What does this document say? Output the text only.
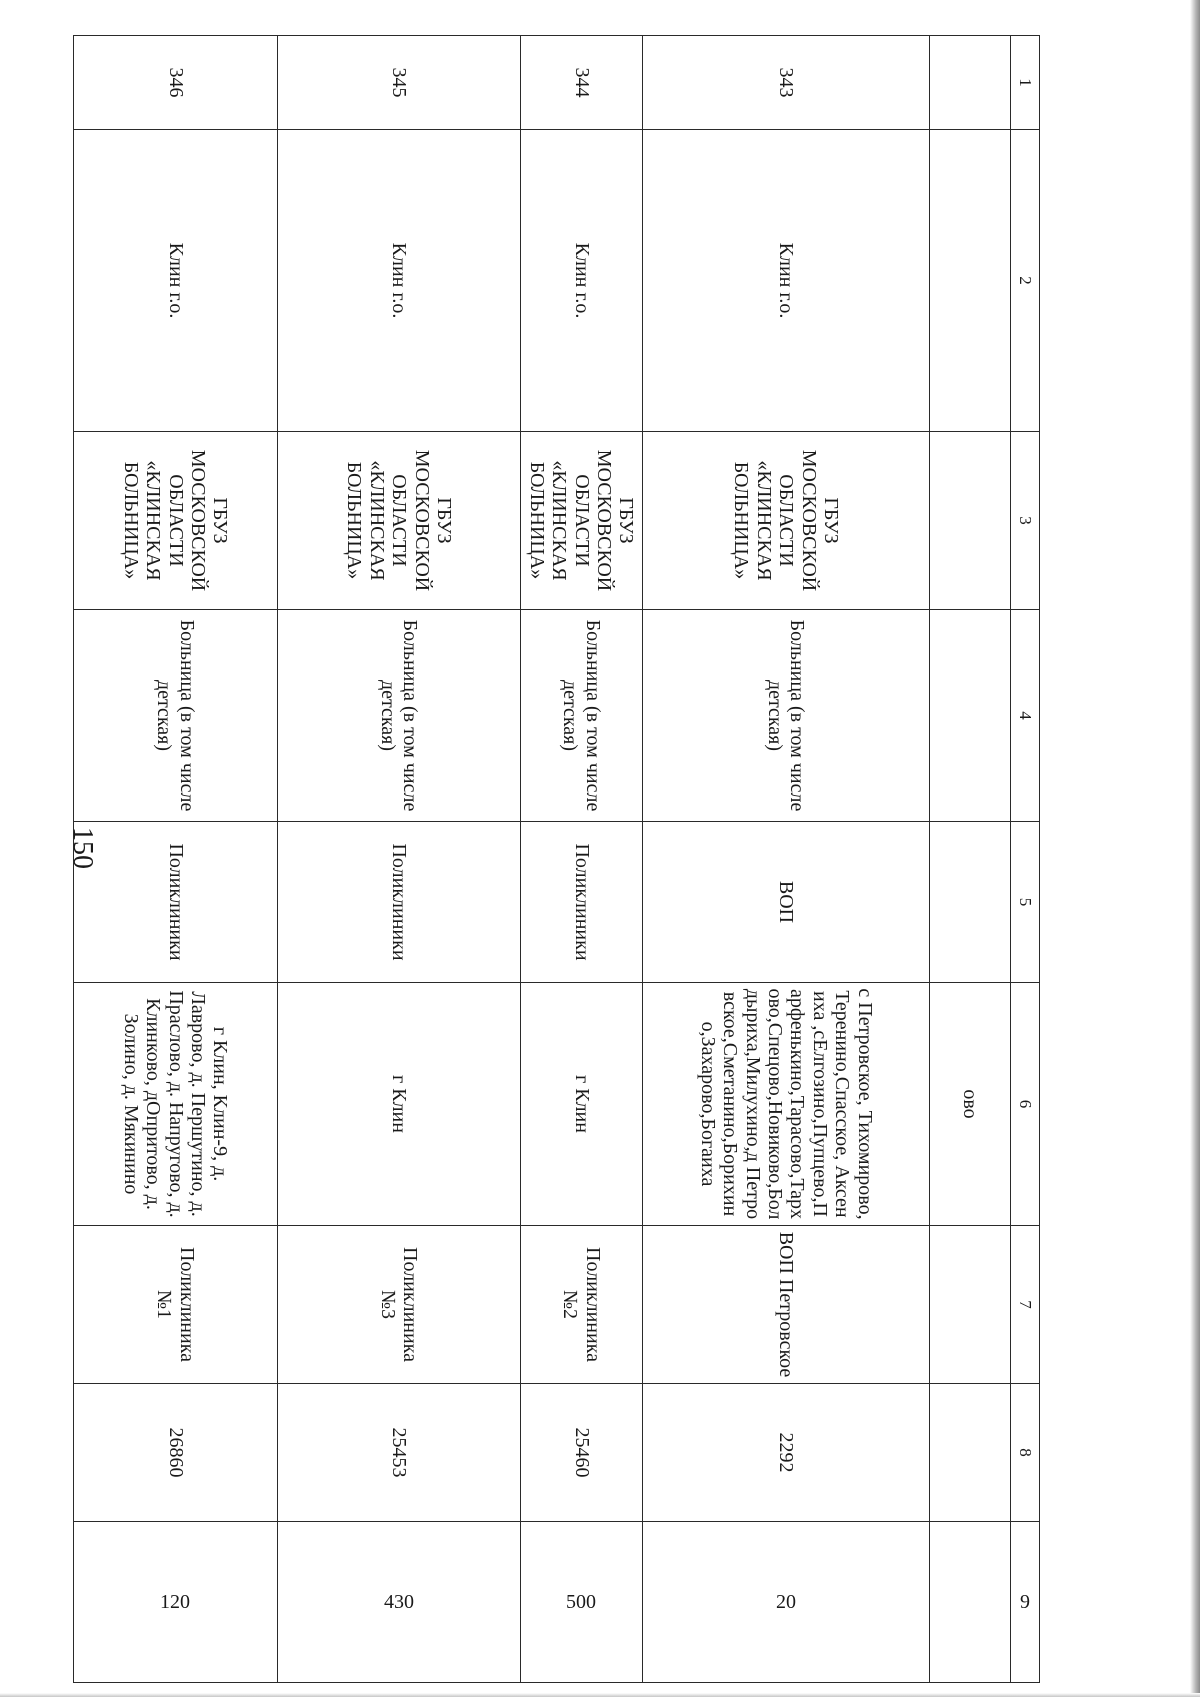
150
1	2	3	4	5	6	7	8	9

					ово			
343	Клин г.о.	ГБУЗ МОСКОВСКОЙ ОБЛАСТИ «КЛИНСКАЯ БОЛЬНИЦА»	Больница (в том числе детская)	ВОП	с Петровское, Тихомирово, Теренино,Спасское, Аксениха ,сЕлгозино,Пупцево,Парфенькино,Тарасово,Тархово,Спецово,Новиково,Болдыриха,Милухино,д Петровское,Сметанино,Борихино,Захарово,Богаиха	ВОП Петровское	2292	20

344	Клин г.о.	ГБУЗ МОСКОВСКОЙ ОБЛАСТИ «КЛИНСКАЯ БОЛЬНИЦА»	Больница (в том числе детская)	Поликлиники	г Клин	Поликлиника №2	25460	500

345	Клин г.о.	ГБУЗ МОСКОВСКОЙ ОБЛАСТИ «КЛИНСКАЯ БОЛЬНИЦА»	Больница (в том числе детская)	Поликлиники	г Клин	Поликлиника №3	25453	430

346	Клин г.о.	ГБУЗ МОСКОВСКОЙ ОБЛАСТИ «КЛИНСКАЯ БОЛЬНИЦА»	Больница (в том числе детская)	Поликлиники	г Клин, Клин-9, д. Лаврово, д. Першутино, д. Праслово, д. Напругово, д. Клинково, дОпритово, д. Золино, д. Мякинино	Поликлиника №1	26860	120
